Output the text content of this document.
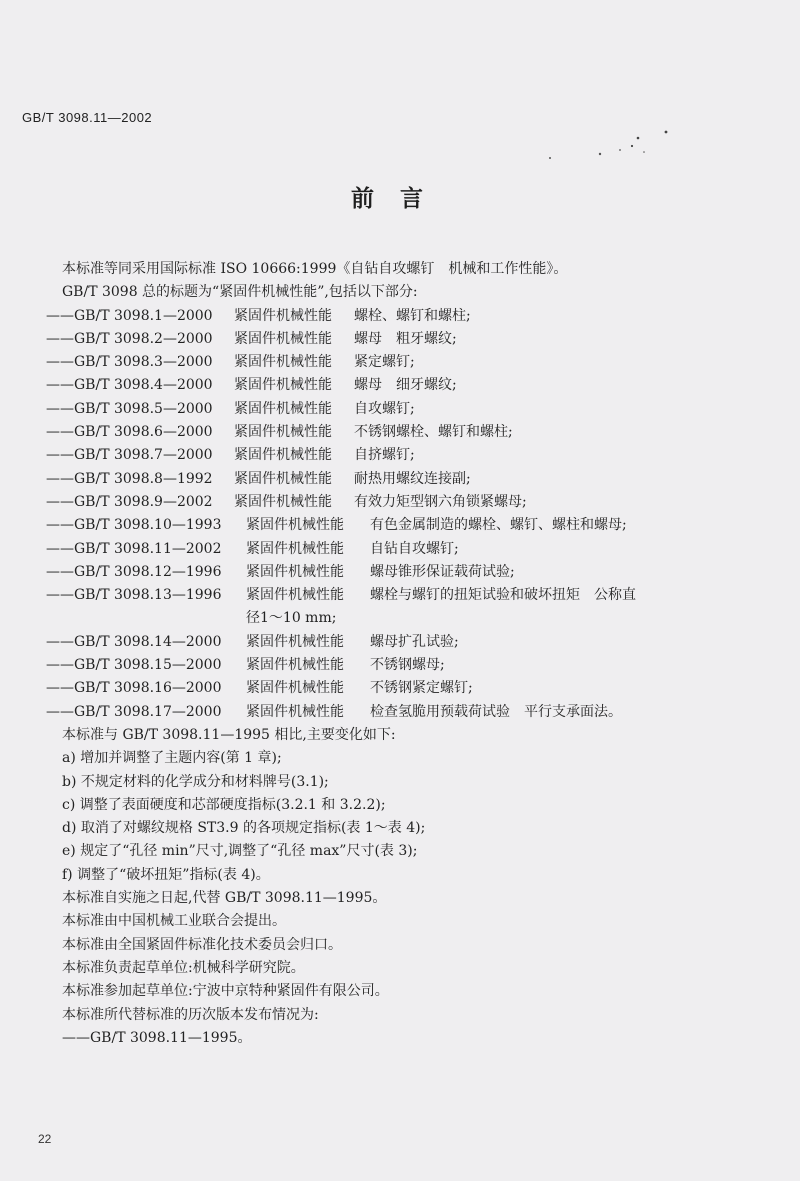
GB/T 3098.11—2002
前言
本标准等同采用国际标准 ISO 10666:1999《自钻自攻螺钉　机械和工作性能》。
GB/T 3098 总的标题为“紧固件机械性能”,包括以下部分:
——GB/T 3098.1—2000	紧固件机械性能	螺栓、螺钉和螺柱;
——GB/T 3098.2—2000	紧固件机械性能	螺母　粗牙螺纹;
——GB/T 3098.3—2000	紧固件机械性能	紧定螺钉;
——GB/T 3098.4—2000	紧固件机械性能	螺母　细牙螺纹;
——GB/T 3098.5—2000	紧固件机械性能	自攻螺钉;
——GB/T 3098.6—2000	紧固件机械性能	不锈钢螺栓、螺钉和螺柱;
——GB/T 3098.7—2000	紧固件机械性能	自挤螺钉;
——GB/T 3098.8—1992	紧固件机械性能	耐热用螺纹连接副;
——GB/T 3098.9—2002	紧固件机械性能	有效力矩型钢六角锁紧螺母;
——GB/T 3098.10—1993	紧固件机械性能	有色金属制造的螺栓、螺钉、螺柱和螺母;
——GB/T 3098.11—2002	紧固件机械性能	自钻自攻螺钉;
——GB/T 3098.12—1996	紧固件机械性能	螺母锥形保证载荷试验;
——GB/T 3098.13—1996	紧固件机械性能	螺栓与螺钉的扭矩试验和破坏扭矩　公称直
径1～10 mm;
——GB/T 3098.14—2000	紧固件机械性能	螺母扩孔试验;
——GB/T 3098.15—2000	紧固件机械性能	不锈钢螺母;
——GB/T 3098.16—2000	紧固件机械性能	不锈钢紧定螺钉;
——GB/T 3098.17—2000	紧固件机械性能	检查氢脆用预载荷试验　平行支承面法。
本标准与 GB/T 3098.11—1995 相比,主要变化如下:
a) 增加并调整了主题内容(第 1 章);
b) 不规定材料的化学成分和材料牌号(3.1);
c) 调整了表面硬度和芯部硬度指标(3.2.1 和 3.2.2);
d) 取消了对螺纹规格 ST3.9 的各项规定指标(表 1～表 4);
e) 规定了“孔径 min”尺寸,调整了“孔径 max”尺寸(表 3);
f) 调整了“破坏扭矩”指标(表 4)。
本标准自实施之日起,代替 GB/T 3098.11—1995。
本标准由中国机械工业联合会提出。
本标准由全国紧固件标准化技术委员会归口。
本标准负责起草单位:机械科学研究院。
本标准参加起草单位:宁波中京特种紧固件有限公司。
本标准所代替标准的历次版本发布情况为:
——GB/T 3098.11—1995。
22
